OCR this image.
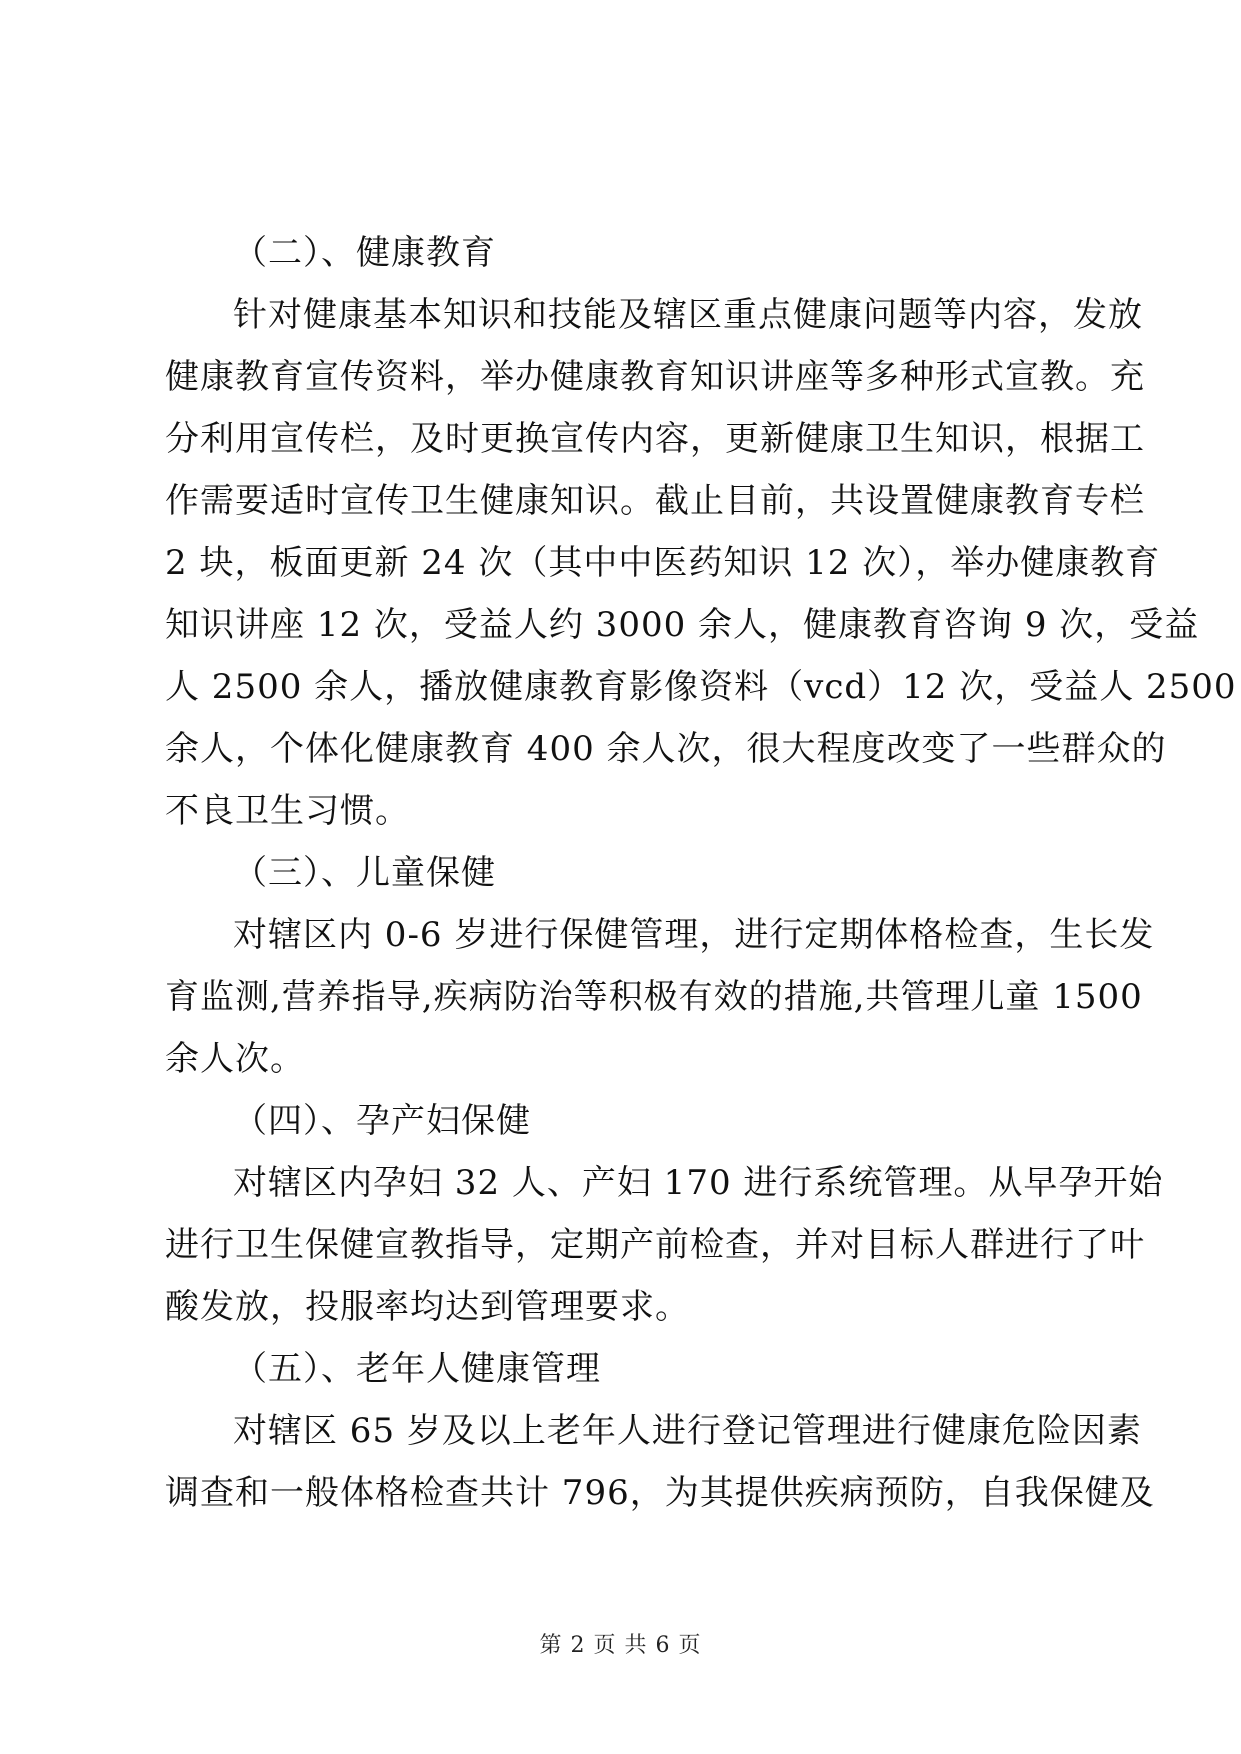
（二）、健康教育

针对健康基本知识和技能及辖区重点健康问题等内容，发放
健康教育宣传资料，举办健康教育知识讲座等多种形式宣教。充
分利用宣传栏，及时更换宣传内容，更新健康卫生知识，根据工
作需要适时宣传卫生健康知识。截止目前，共设置健康教育专栏
2 块，板面更新 24 次（其中中医药知识 12 次），举办健康教育
知识讲座 12 次，受益人约 3000 余人，健康教育咨询 9 次，受益
人 2500 余人，播放健康教育影像资料（vcd）12 次，受益人 2500
余人，个体化健康教育 400 余人次，很大程度改变了一些群众的
不良卫生习惯。

（三）、儿童保健

对辖区内 0-6 岁进行保健管理，进行定期体格检查，生长发
育监测,营养指导,疾病防治等积极有效的措施,共管理儿童 1500
余人次。

（四）、孕产妇保健

对辖区内孕妇 32 人、产妇 170 进行系统管理。从早孕开始
进行卫生保健宣教指导，定期产前检查，并对目标人群进行了叶
酸发放，投服率均达到管理要求。

（五）、老年人健康管理

对辖区 65 岁及以上老年人进行登记管理进行健康危险因素
调查和一般体格检查共计 796，为其提供疾病预防，自我保健及

第 2 页 共 6 页
